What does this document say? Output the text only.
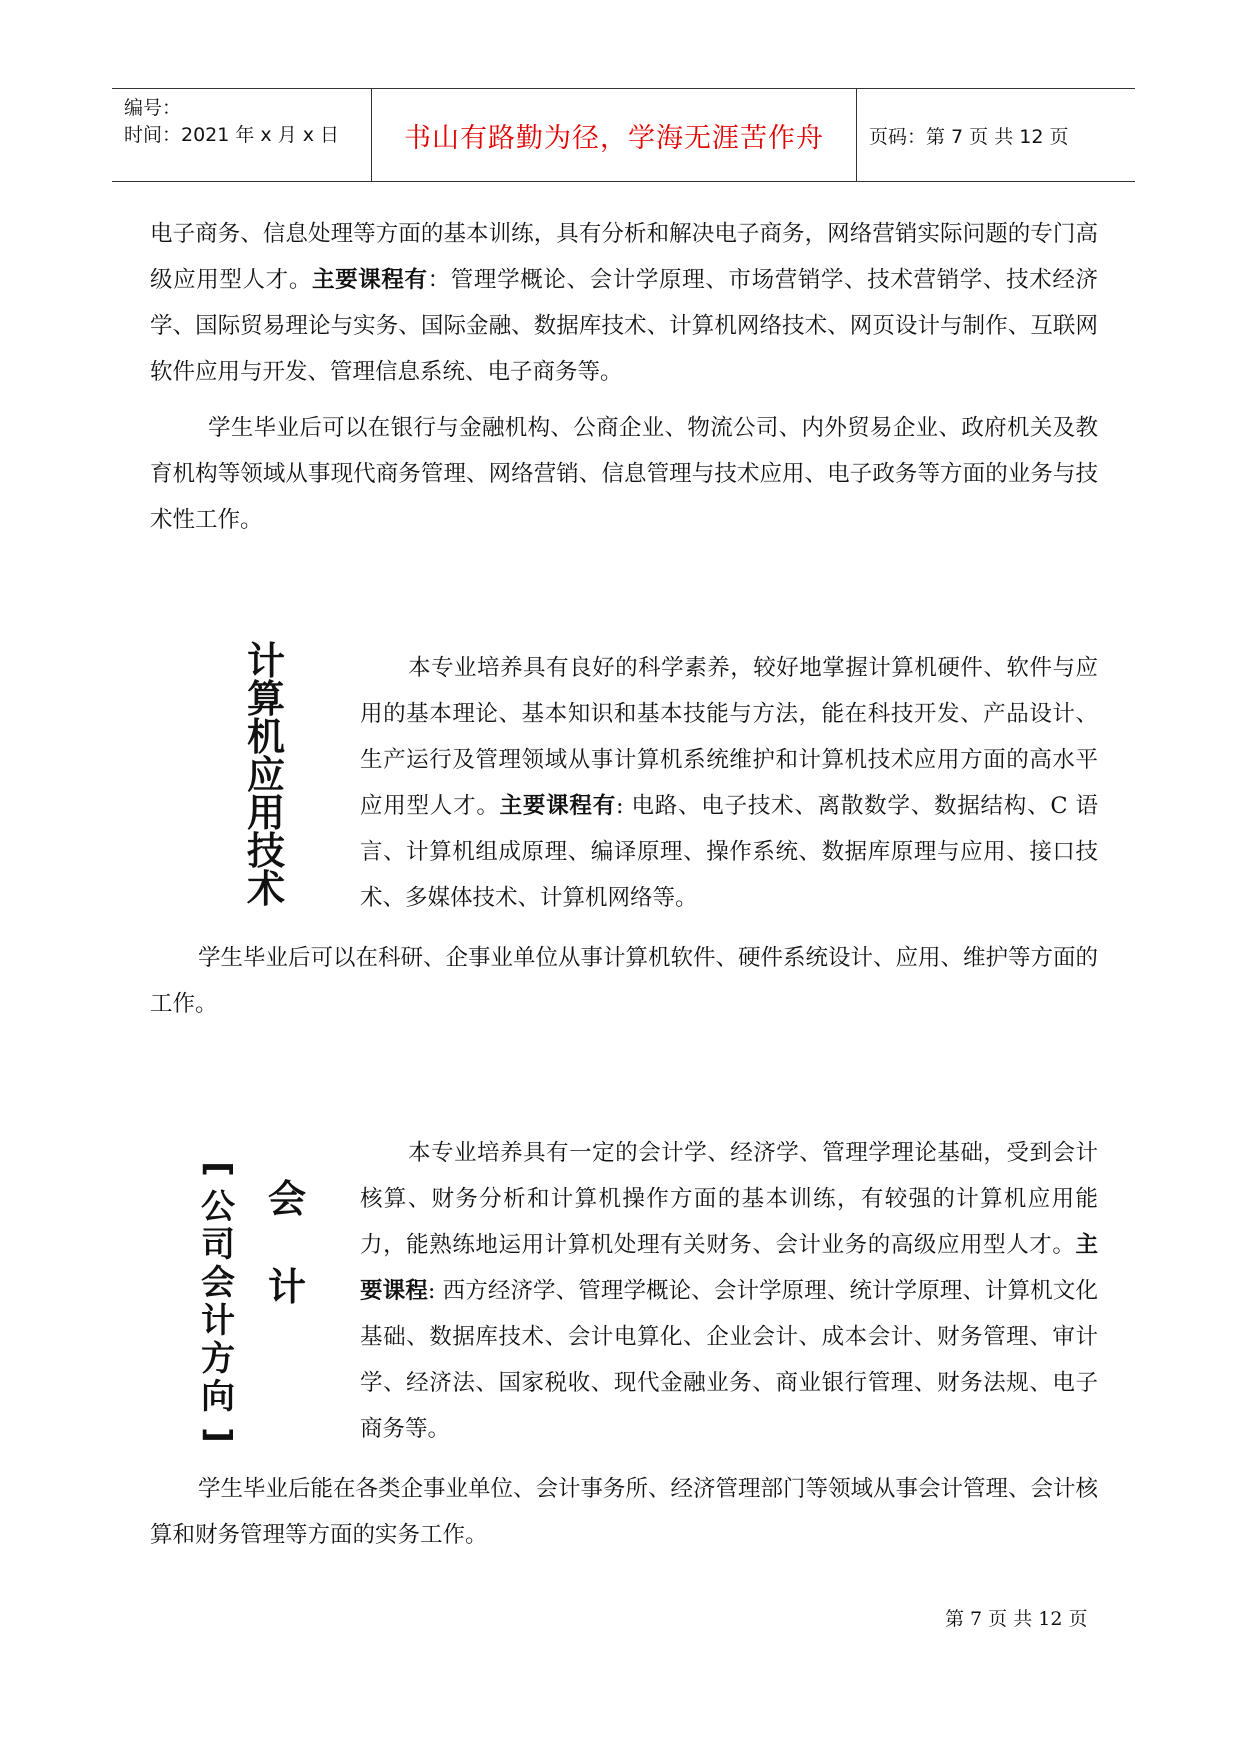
编号：
时间：2021 年 x 月 x 日	书山有路勤为径，学海无涯苦作舟	页码：第 7 页 共 12 页
电子商务、信息处理等方面的基本训练，具有分析和解决电子商务，网络营销实际问题的专门高级应用型人才。主要课程有：管理学概论、会计学原理、市场营销学、技术营销学、技术经济学、国际贸易理论与实务、国际金融、数据库技术、计算机网络技术、网页设计与制作、互联网软件应用与开发、管理信息系统、电子商务等。
学生毕业后可以在银行与金融机构、公商企业、物流公司、内外贸易企业、政府机关及教育机构等领域从事现代商务管理、网络营销、信息管理与技术应用、电子政务等方面的业务与技术性工作。
计
算
机
应
用
技
术
本专业培养具有良好的科学素养，较好地掌握计算机硬件、软件与应用的基本理论、基本知识和基本技能与方法，能在科技开发、产品设计、生产运行及管理领域从事计算机系统维护和计算机技术应用方面的高水平应用型人才。主要课程有: 电路、电子技术、离散数学、数据结构、C 语言、计算机组成原理、编译原理、操作系统、数据库原理与应用、接口技术、多媒体技术、计算机网络等。
学生毕业后可以在科研、企事业单位从事计算机软件、硬件系统设计、应用、维护等方面的工作。
[
公
司
会
计
方
向
]
会
计
本专业培养具有一定的会计学、经济学、管理学理论基础，受到会计核算、财务分析和计算机操作方面的基本训练，有较强的计算机应用能力，能熟练地运用计算机处理有关财务、会计业务的高级应用型人才。主要课程: 西方经济学、管理学概论、会计学原理、统计学原理、计算机文化基础、数据库技术、会计电算化、企业会计、成本会计、财务管理、审计学、经济法、国家税收、现代金融业务、商业银行管理、财务法规、电子商务等。
学生毕业后能在各类企事业单位、会计事务所、经济管理部门等领域从事会计管理、会计核算和财务管理等方面的实务工作。
第 7 页 共 12 页
